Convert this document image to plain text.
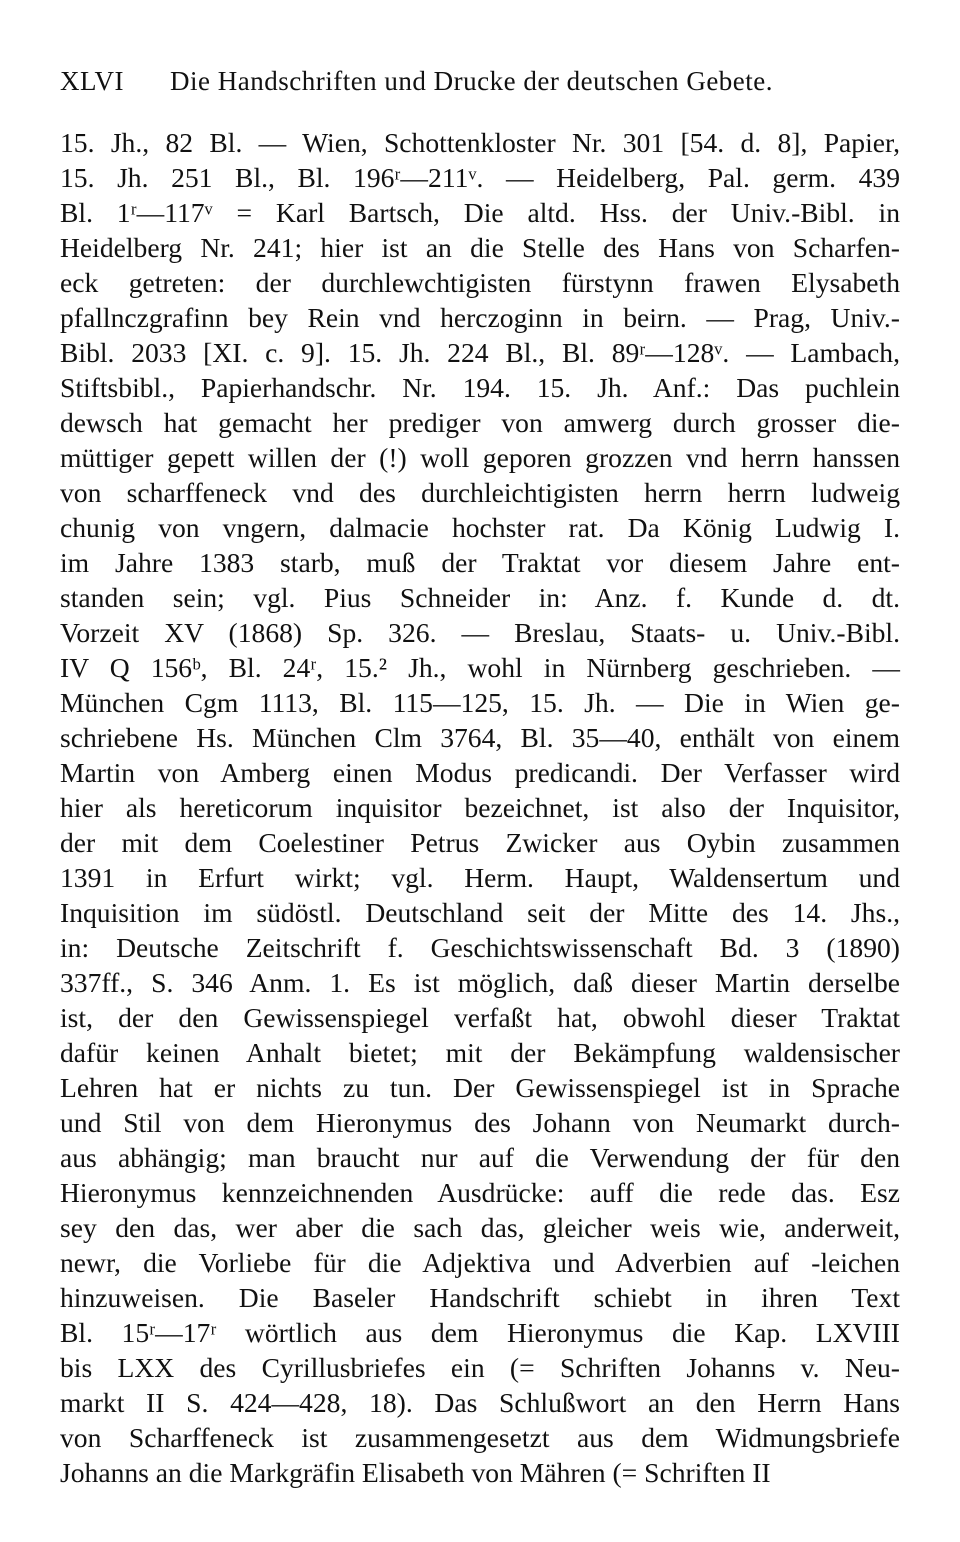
XLVI Die Handschriften und Drucke der deutschen Gebete.
15. Jh., 82 Bl. — Wien, Schottenkloster Nr. 301 [54. d. 8], Papier,
15. Jh. 251 Bl., Bl. 196ʳ—211ᵛ. — Heidelberg, Pal. germ. 439
Bl. 1ʳ—117ᵛ = Karl Bartsch, Die altd. Hss. der Univ.-Bibl. in
Heidelberg Nr. 241; hier ist an die Stelle des Hans von Scharfen-
eck getreten: der durchlewchtigisten fürstynn frawen Elysabeth
pfallnczgrafinn bey Rein vnd herczoginn in beirn. — Prag, Univ.-
Bibl. 2033 [XI. c. 9]. 15. Jh. 224 Bl., Bl. 89ʳ—128ᵛ. — Lambach,
Stiftsbibl., Papierhandschr. Nr. 194. 15. Jh. Anf.: Das puchlein
dewsch hat gemacht her prediger von amwerg durch grosser die-
müttiger gepett willen der (!) woll geporen grozzen vnd herrn hanssen
von scharffeneck vnd des durchleichtigisten herrn herrn ludweig
chunig von vngern, dalmacie hochster rat. Da König Ludwig I.
im Jahre 1383 starb, muß der Traktat vor diesem Jahre ent-
standen sein; vgl. Pius Schneider in: Anz. f. Kunde d. dt.
Vorzeit XV (1868) Sp. 326. — Breslau, Staats- u. Univ.-Bibl.
IV Q 156ᵇ, Bl. 24ʳ, 15.² Jh., wohl in Nürnberg geschrieben. —
München Cgm 1113, Bl. 115—125, 15. Jh. — Die in Wien ge-
schriebene Hs. München Clm 3764, Bl. 35—40, enthält von einem
Martin von Amberg einen Modus predicandi. Der Verfasser wird
hier als hereticorum inquisitor bezeichnet, ist also der Inquisitor,
der mit dem Coelestiner Petrus Zwicker aus Oybin zusammen
1391 in Erfurt wirkt; vgl. Herm. Haupt, Waldensertum und
Inquisition im südöstl. Deutschland seit der Mitte des 14. Jhs.,
in: Deutsche Zeitschrift f. Geschichtswissenschaft Bd. 3 (1890)
337ff., S. 346 Anm. 1. Es ist möglich, daß dieser Martin derselbe
ist, der den Gewissenspiegel verfaßt hat, obwohl dieser Traktat
dafür keinen Anhalt bietet; mit der Bekämpfung waldensischer
Lehren hat er nichts zu tun. Der Gewissenspiegel ist in Sprache
und Stil von dem Hieronymus des Johann von Neumarkt durch-
aus abhängig; man braucht nur auf die Verwendung der für den
Hieronymus kennzeichnenden Ausdrücke: auff die rede das. Esz
sey den das, wer aber die sach das, gleicher weis wie, anderweit,
newr, die Vorliebe für die Adjektiva und Adverbien auf -leichen
hinzuweisen. Die Baseler Handschrift schiebt in ihren Text
Bl. 15ʳ—17ʳ wörtlich aus dem Hieronymus die Kap. LXVIII
bis LXX des Cyrillusbriefes ein (= Schriften Johanns v. Neu-
markt II S. 424—428, 18). Das Schlußwort an den Herrn Hans
von Scharffeneck ist zusammengesetzt aus dem Widmungsbriefe
Johanns an die Markgräfin Elisabeth von Mähren (= Schriften II
